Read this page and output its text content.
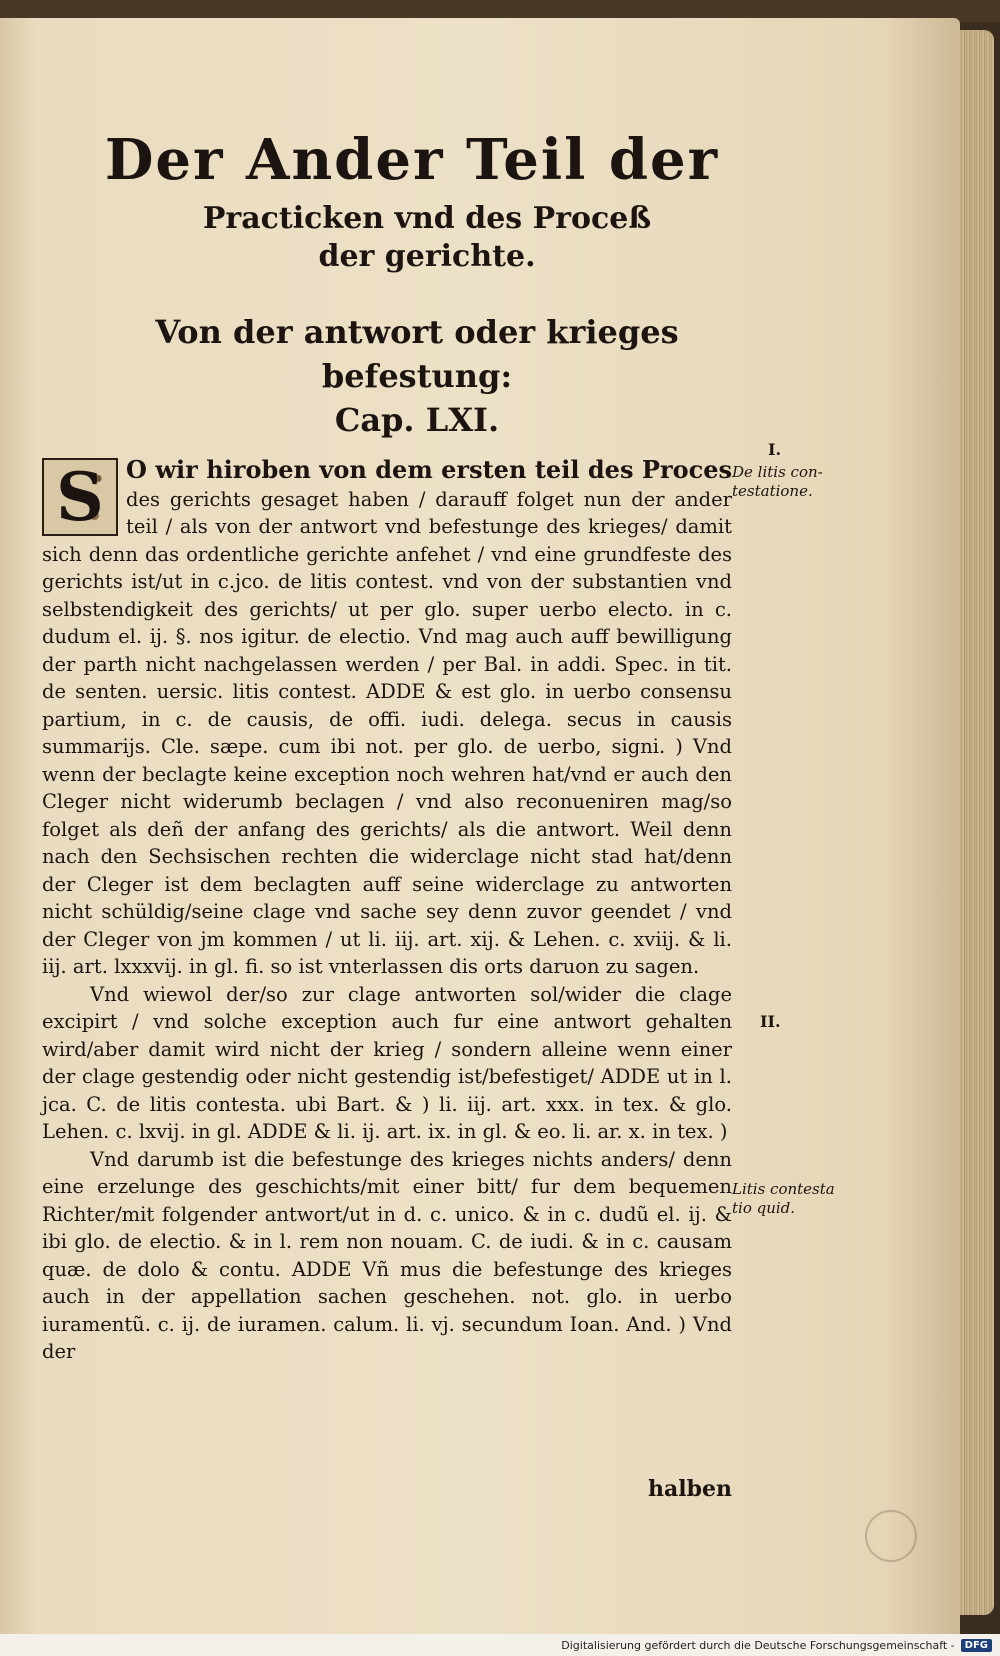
Der Ander Teil der
Practicken vnd des Proceß
der gerichte.
Von der antwort oder krieges befestung:
Cap. LXI.

S O wir hiroben von dem ersten teil des Proces des gerichts gesaget haben / darauff folget nun der ander teil / als von der antwort vnd befestunge des krieges/ damit sich denn das ordentliche gerichte anfehet / vnd eine grundfeste des gerichts ist/ut in c.jco. de litis contest. vnd von der substantien vnd selbstendigkeit des gerichts/ ut per glo. super uerbo electo. in c. dudum el. ij. §. nos igitur. de electio. Vnd mag auch auff bewilligung der parth nicht nachgelassen werden / per Bal. in addi. Spec. in tit. de senten. uersic. litis contest. ADDE & est glo. in uerbo consensu partium, in c. de causis, de offi. iudi. delega. secus in causis summarijs. Cle. sæpe. cum ibi not. per glo. de uerbo, signi. ) Vnd wenn der beclagte keine exception noch wehren hat/vnd er auch den Cleger nicht widerumb beclagen / vnd also reconueniren mag/so folget als deñ der anfang des gerichts/ als die antwort. Weil denn nach den Sechsischen rechten die widerclage nicht stad hat/denn der Cleger ist dem beclagten auff seine widerclage zu antworten nicht schüldig/seine clage vnd sache sey denn zuvor geendet / vnd der Cleger von jm kommen / ut li. iij. art. xij. & Lehen. c. xviij. & li. iij. art. lxxxvij. in gl. fi. so ist vnterlassen dis orts daruon zu sagen.

Vnd wiewol der/so zur clage antworten sol/wider die clage excipirt / vnd solche exception auch fur eine antwort gehalten wird/aber damit wird nicht der krieg / sondern alleine wenn einer der clage gestendig oder nicht gestendig ist/befestiget/ ADDE ut in l. jca. C. de litis contesta. ubi Bart. & ) li. iij. art. xxx. in tex. & glo. Lehen. c. lxvij. in gl. ADDE & li. ij. art. ix. in gl. & eo. li. ar. x. in tex. )

Vnd darumb ist die befestunge des krieges nichts anders/ denn eine erzelunge des geschichts/mit einer bitt/ fur dem bequemen Richter/mit folgender antwort/ut in d. c. unico. & in c. dudũ el. ij. & ibi glo. de electio. & in l. rem non nouam. C. de iudi. & in c. causam quæ. de dolo & contu. ADDE Vñ mus die befestunge des krieges auch in der appellation sachen geschehen. not. glo. in uerbo iuramentũ. c. ij. de iuramen. calum. li. vj. secundum Ioan. And. ) Vnd der

halben
I.
De litis con-
testatione.
II.
Litis contesta
tio quid.
Digitalisierung gefördert durch die Deutsche Forschungsgemeinschaft -	DFG
